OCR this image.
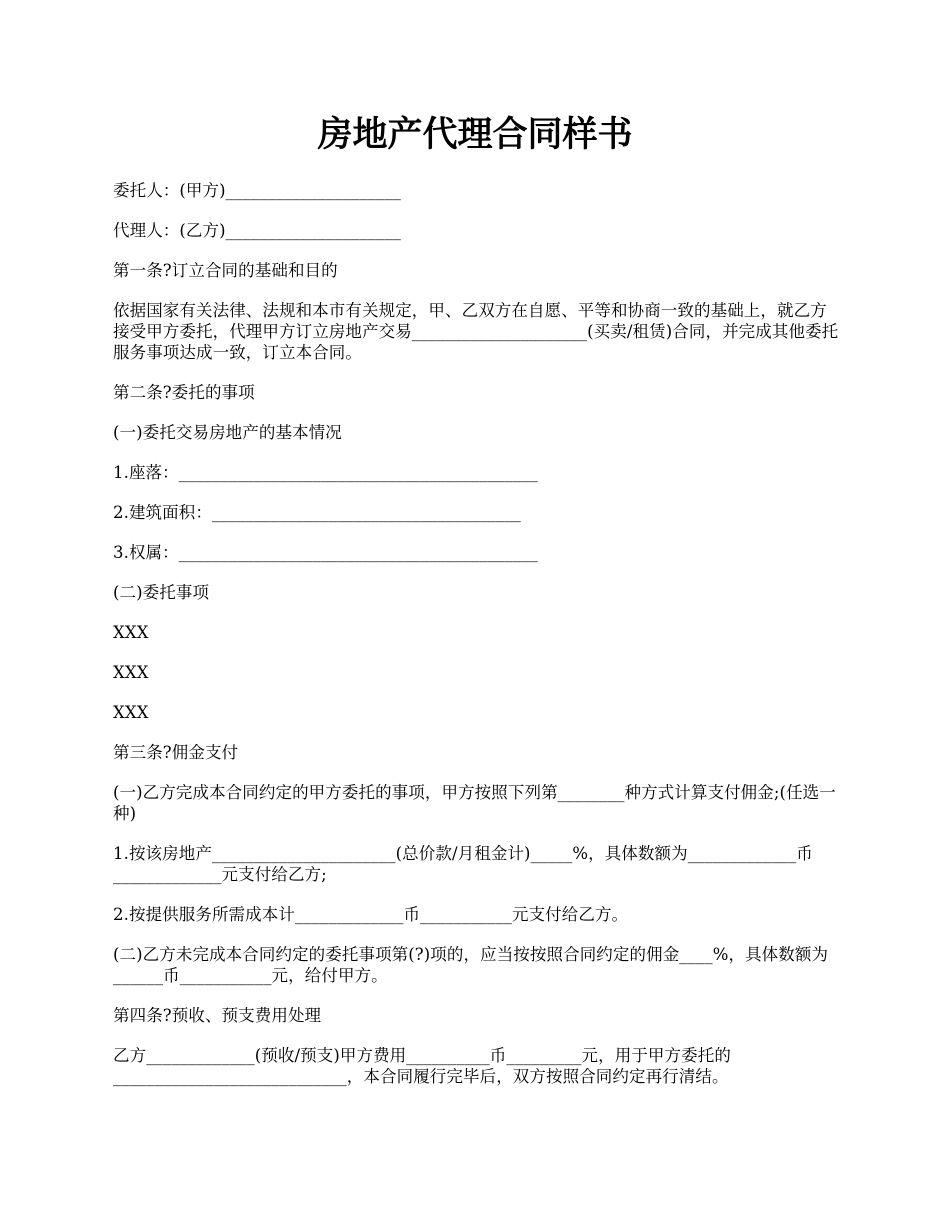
房地产代理合同样书

委托人：(甲方)_____________________

代理人：(乙方)_____________________

第一条?订立合同的基础和目的

依据国家有关法律、法规和本市有关规定，甲、乙双方在自愿、平等和协商一致的基础上，就乙方接受甲方委托，代理甲方订立房地产交易_____________________(买卖/租赁)合同，并完成其他委托服务事项达成一致，订立本合同。

第二条?委托的事项

(一)委托交易房地产的基本情况

1.座落：___________________________________________

2.建筑面积：_____________________________________

3.权属：___________________________________________

(二)委托事项

XXX

XXX

XXX

第三条?佣金支付

(一)乙方完成本合同约定的甲方委托的事项，甲方按照下列第________种方式计算支付佣金;(任选一种)

1.按该房地产______________________(总价款/月租金计)_____%，具体数额为_____________币_____________元支付给乙方;

2.按提供服务所需成本计_____________币___________元支付给乙方。

(二)乙方未完成本合同约定的委托事项第(?)项的，应当按按照合同约定的佣金____%，具体数额为______币___________元，给付甲方。

第四条?预收、预支费用处理

乙方_____________(预收/预支)甲方费用__________币_________元，用于甲方委托的____________________________，本合同履行完毕后，双方按照合同约定再行清结。
